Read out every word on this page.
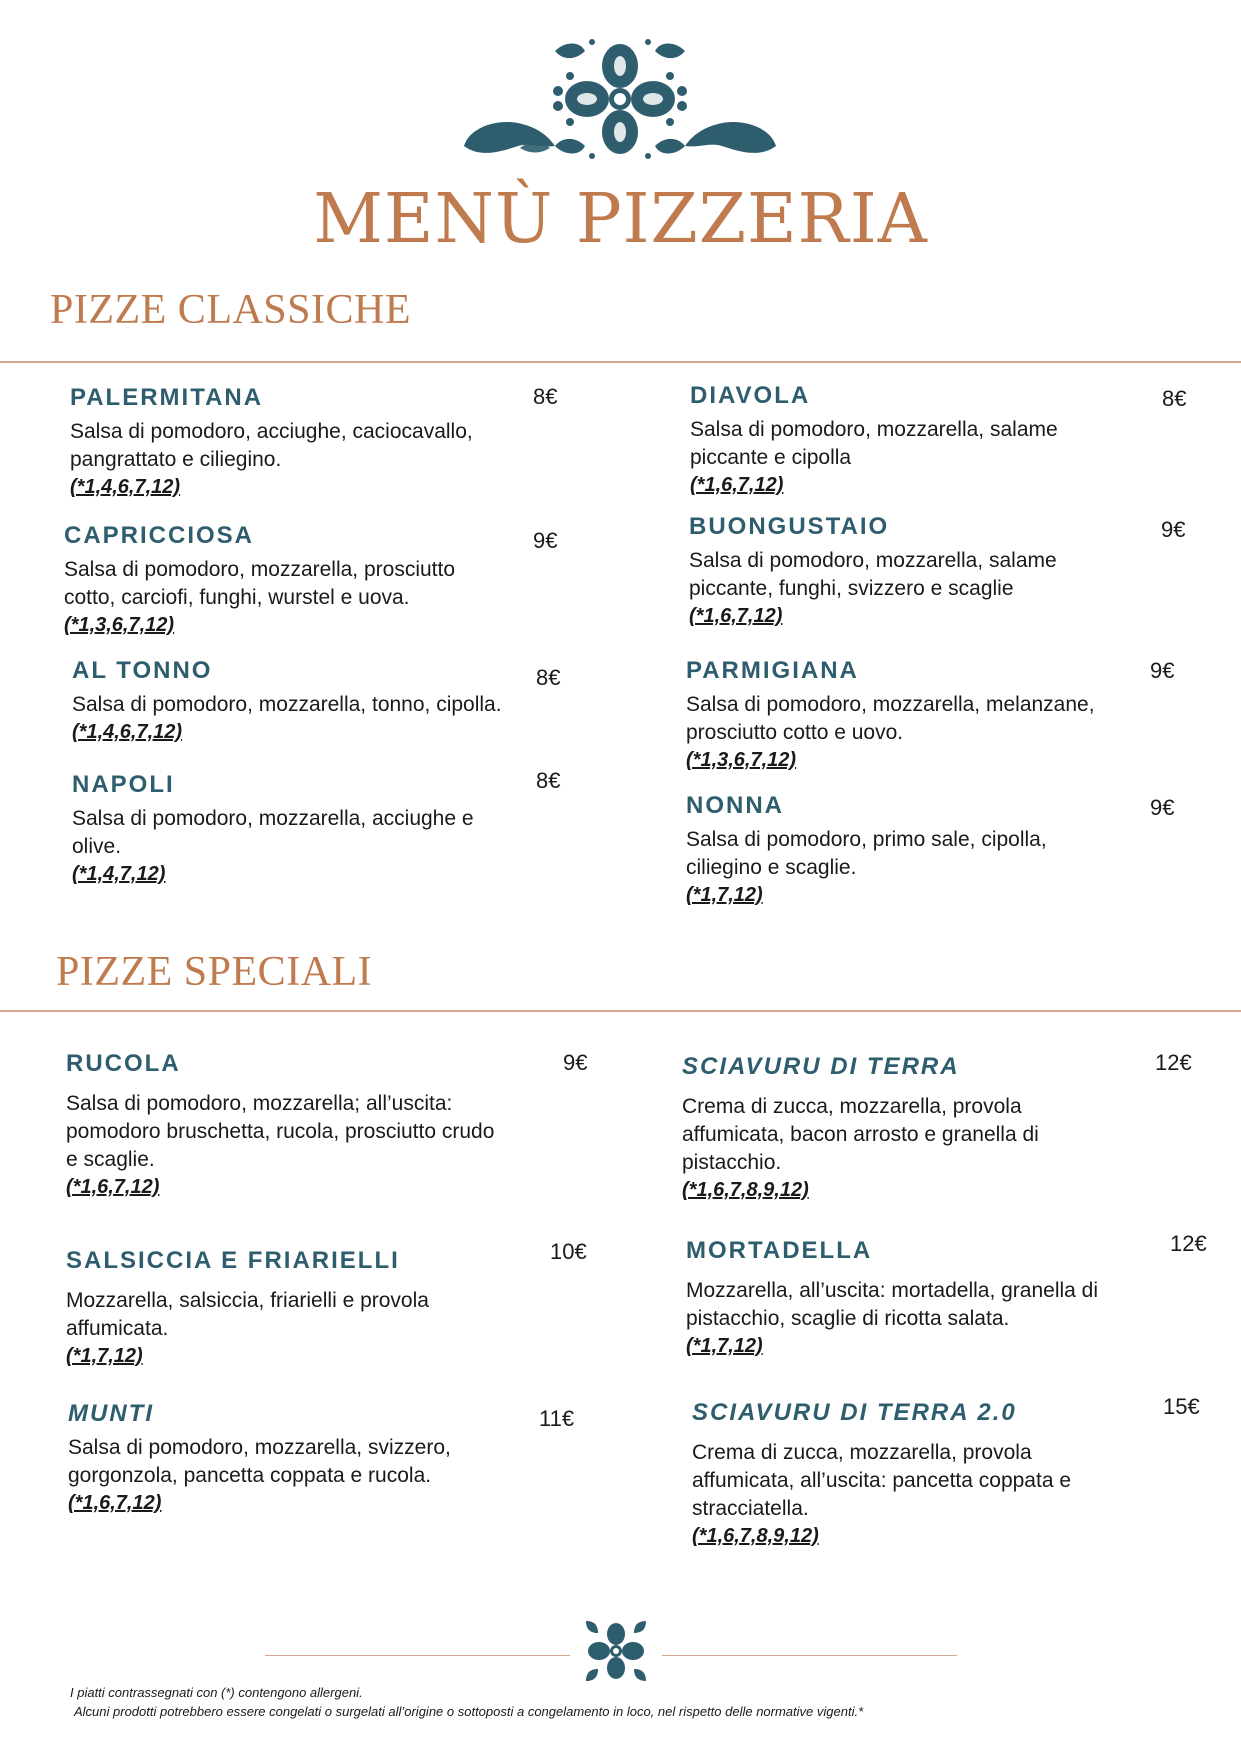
MENÙ PIZZERIA
PIZZE CLASSICHE
PALERMITANA
Salsa di pomodoro, acciughe, caciocavallo,
pangrattato e ciliegino.
(*1,4,6,7,12)
8€	DIAVOLA
Salsa di pomodoro, mozzarella, salame
piccante e cipolla
(*1,6,7,12)
8€
CAPRICCIOSA
Salsa di pomodoro, mozzarella, prosciutto
cotto, carciofi, funghi, wurstel e uova.
(*1,3,6,7,12)
9€
BUONGUSTAIO
Salsa di pomodoro, mozzarella, salame
piccante, funghi, svizzero e scaglie
(*1,6,7,12)
9€
AL TONNO
Salsa di pomodoro, mozzarella, tonno, cipolla.
(*1,4,6,7,12)
8€	PARMIGIANA
Salsa di pomodoro, mozzarella, melanzane,
prosciutto cotto e uovo.
(*1,3,6,7,12)
9€
NAPOLI
Salsa di pomodoro, mozzarella, acciughe e
olive.
(*1,4,7,12)
8€
NONNA
Salsa di pomodoro, primo sale, cipolla,
ciliegino e scaglie.
(*1,7,12)
9€
PIZZE SPECIALI
RUCOLA
Salsa di pomodoro, mozzarella; all’uscita:
pomodoro bruschetta, rucola, prosciutto crudo
e scaglie.
(*1,6,7,12)
9€	SCIAVURU DI TERRA
Crema di zucca, mozzarella, provola
affumicata, bacon arrosto e granella di
pistacchio.
(*1,6,7,8,9,12)
12€
SALSICCIA E FRIARIELLI
Mozzarella, salsiccia, friarielli e provola
affumicata.
(*1,7,12)
10€	MORTADELLA
Mozzarella, all’uscita: mortadella, granella di
pistacchio, scaglie di ricotta salata.
(*1,7,12)
12€
MUNTI
Salsa di pomodoro, mozzarella, svizzero,
gorgonzola, pancetta coppata e rucola.
(*1,6,7,12)
11€	SCIAVURU DI TERRA 2.0
Crema di zucca, mozzarella, provola
affumicata, all’uscita: pancetta coppata e
stracciatella.
(*1,6,7,8,9,12)
15€
I piatti contrassegnati con (*) contengono allergeni.
Alcuni prodotti potrebbero essere congelati o surgelati all’origine o sottoposti a congelamento in loco, nel rispetto delle normative vigenti.*
